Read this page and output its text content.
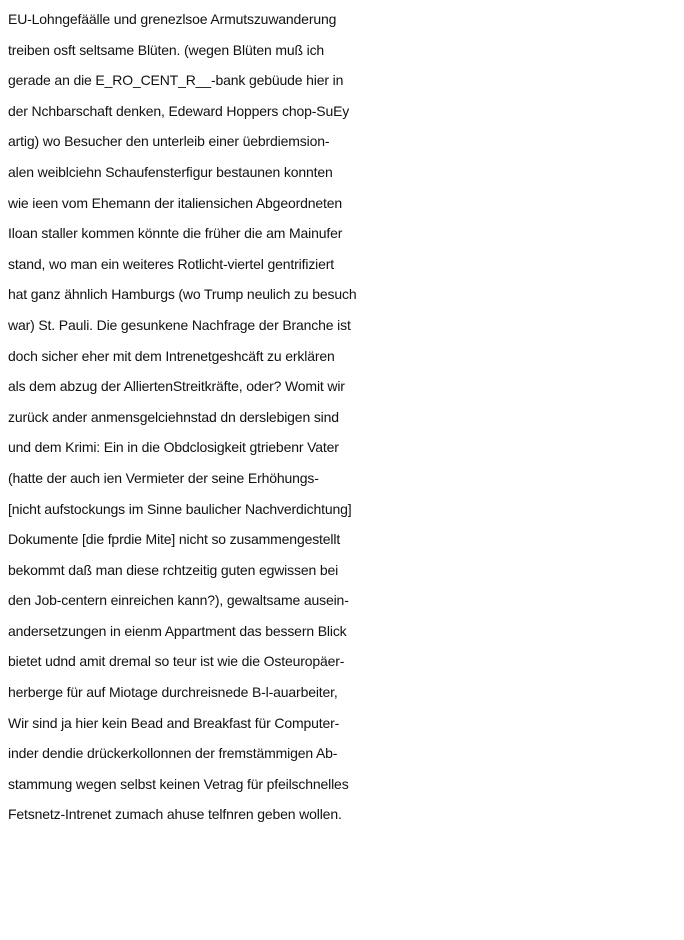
EU-Lohngefäälle und grenezlsoe Armutszuwanderung
treiben osft seltsame Blüten. (wegen Blüten muß ich
gerade an die E_RO_CENT_R__-bank gebüude hier in
der Nchbarschaft denken, Edeward Hoppers chop-SuEy
artig) wo Besucher den unterleib einer üebrdiemsion-
alen weiblciehn Schaufensterfigur bestaunen konnten
wie ieen vom Ehemann der italiensichen Abgeordneten
Iloan staller kommen könnte die früher die am Mainufer
stand, wo man ein weiteres Rotlicht-viertel gentrifiziert
hat ganz ähnlich Hamburgs (wo Trump neulich zu besuch
war) St. Pauli. Die gesunkene Nachfrage der Branche ist
doch sicher eher mit dem Intrenetgeshcäft zu erklären
als dem abzug der AlliertenStreitkräfte, oder? Womit wir
zurück ander anmensgelciehnstad dn derslebigen sind
und dem Krimi: Ein in die Obdclosigkeit gtriebenr Vater
(hatte der auch ien Vermieter der seine Erhöhungs-
[nicht aufstockungs im Sinne baulicher Nachverdichtung]
Dokumente [die fprdie Mite] nicht so zusammengestellt
bekommt daß man diese rchtzeitig guten egwissen bei
den Job-centern einreichen kann?), gewaltsame ausein-
andersetzungen in eienm Appartment das bessern Blick
bietet udnd amit dremal so teur ist wie die Osteuropäer-
herberge für auf Miotage durchreisnede B-l-auarbeiter,
Wir sind ja hier kein Bead and Breakfast für Computer-
inder dendie drückerkollonnen der fremstämmigen Ab-
stammung wegen selbst keinen Vetrag für pfeilschnelles
Fetsnetz-Intrenet zumach ahuse telfnren geben wollen.
